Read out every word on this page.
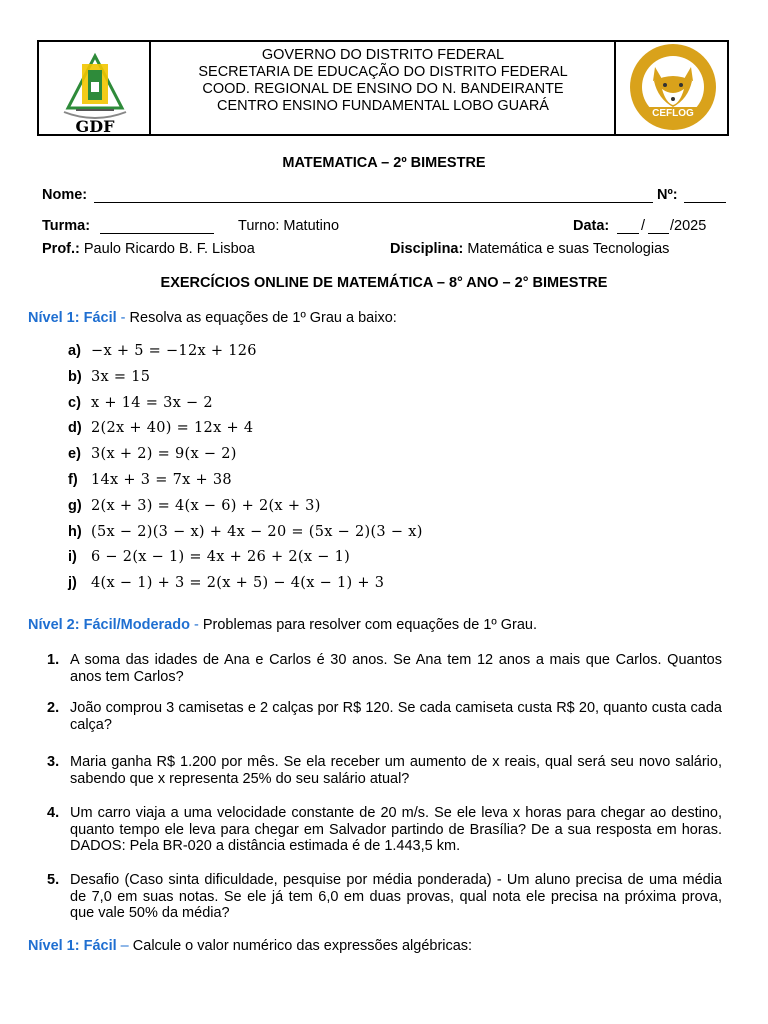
GDF
GOVERNO DO DISTRITO FEDERAL
SECRETARIA DE EDUCAÇÃO DO DISTRITO FEDERAL
COOD. REGIONAL DE ENSINO DO N. BANDEIRANTE
CENTRO ENSINO FUNDAMENTAL LOBO GUARÁ	CEFLOG
MATEMATICA – 2º BIMESTRE
Nome:	Nº:
Turma:	Turno: Matutino	Data: / /2025
Prof.: Paulo Ricardo B. F. Lisboa	Disciplina: Matemática e suas Tecnologias
EXERCÍCIOS ONLINE DE MATEMÁTICA – 8° ANO – 2° BIMESTRE
Nível 1: Fácil - Resolva as equações de 1º Grau a baixo:
a) −x + 5 = −12x + 126
b) 3x = 15
c) x + 14 = 3x − 2
d) 2(2x + 40) = 12x + 4
e) 3(x + 2) = 9(x − 2)
f) 14x + 3 = 7x + 38
g) 2(x + 3) = 4(x − 6) + 2(x + 3)
h) (5x − 2)(3 − x) + 4x − 20 = (5x − 2)(3 − x)
i) 6 − 2(x − 1) = 4x + 26 + 2(x − 1)
j) 4(x − 1) + 3 = 2(x + 5) − 4(x − 1) + 3
Nível 2: Fácil/Moderado - Problemas para resolver com equações de 1º Grau.
1. A soma das idades de Ana e Carlos é 30 anos. Se Ana tem 12 anos a mais que Carlos. Quantos anos tem Carlos?
2. João comprou 3 camisetas e 2 calças por R$ 120. Se cada camiseta custa R$ 20, quanto custa cada calça?
3. Maria ganha R$ 1.200 por mês. Se ela receber um aumento de x reais, qual será seu novo salário, sabendo que x representa 25% do seu salário atual?
4. Um carro viaja a uma velocidade constante de 20 m/s. Se ele leva x horas para chegar ao destino, quanto tempo ele leva para chegar em Salvador partindo de Brasília? De a sua resposta em horas. DADOS: Pela BR-020 a distância estimada é de 1.443,5 km.
5. Desafio (Caso sinta dificuldade, pesquise por média ponderada) - Um aluno precisa de uma média de 7,0 em suas notas. Se ele já tem 6,0 em duas provas, qual nota ele precisa na próxima prova, que vale 50% da média?
Nível 1: Fácil – Calcule o valor numérico das expressões algébricas:
